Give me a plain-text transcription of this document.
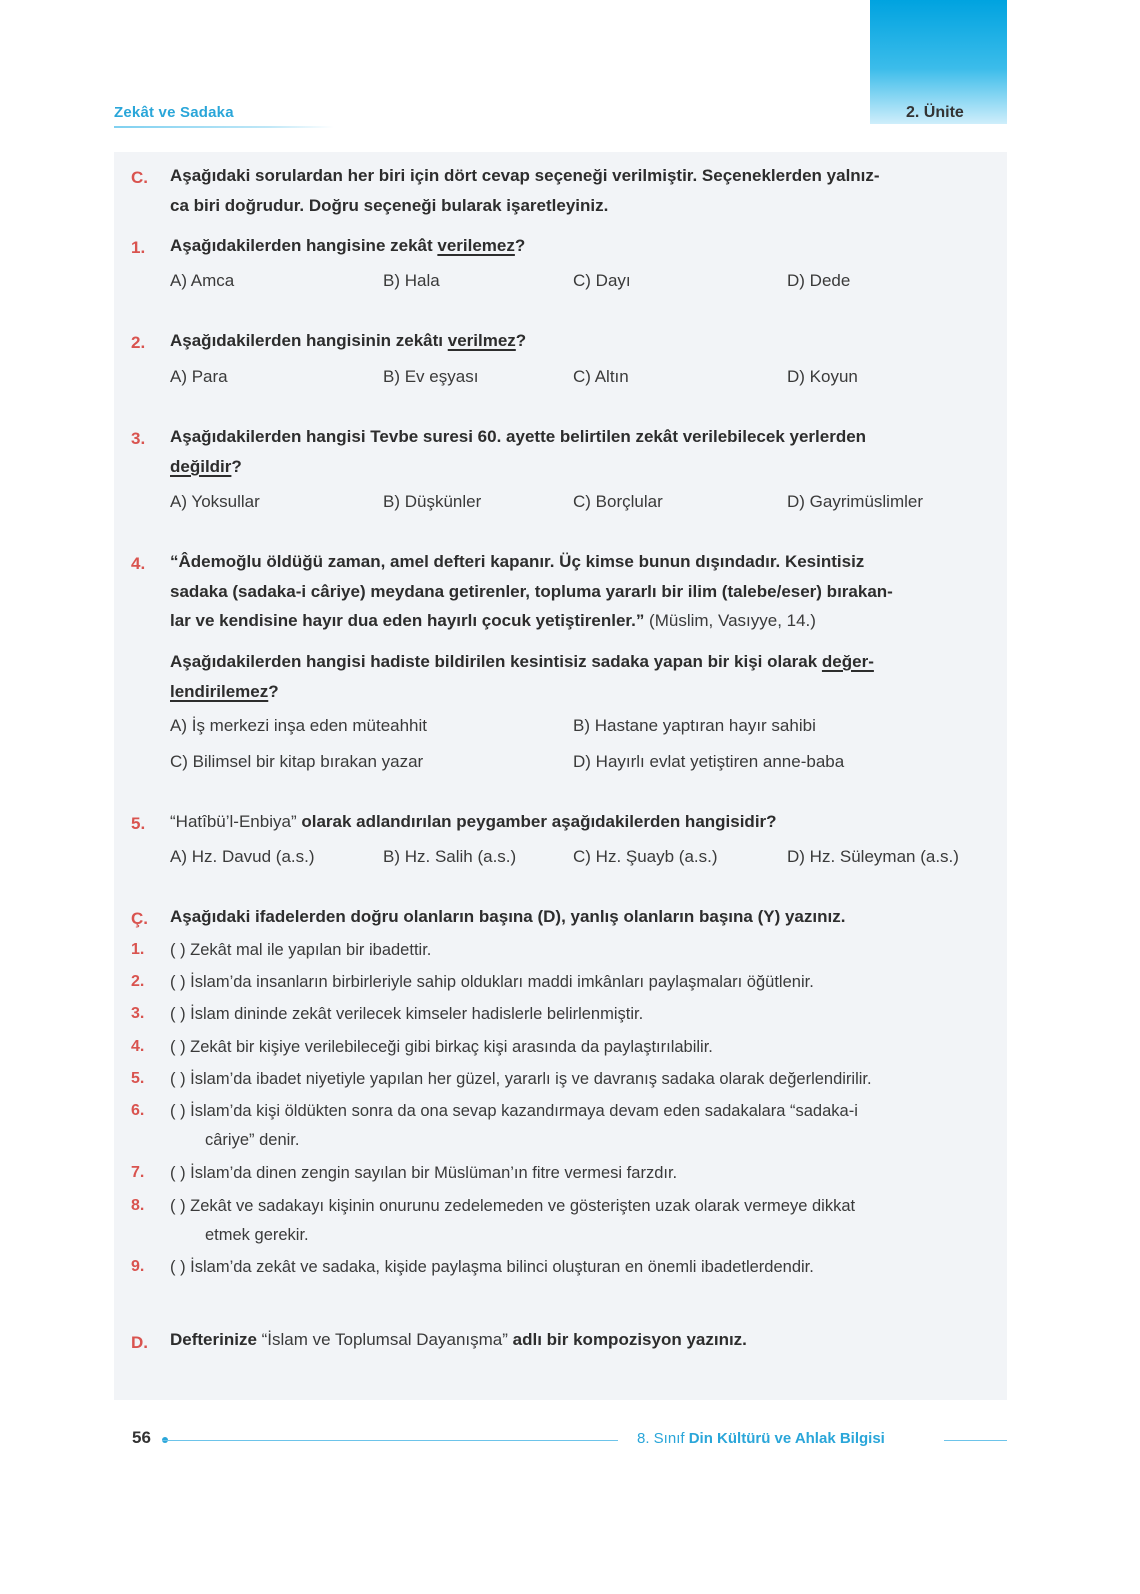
Zekât ve Sadaka	2. Ünite
C. Aşağıdaki sorulardan her biri için dört cevap seçeneği verilmiştir. Seçeneklerden yalnız-
ca biri doğrudur. Doğru seçeneği bularak işaretleyiniz.
1. Aşağıdakilerden hangisine zekât verilemez?
A) Amca	B) Hala	C) Dayı	D) Dede
2. Aşağıdakilerden hangisinin zekâtı verilmez?
A) Para	B) Ev eşyası	C) Altın	D) Koyun
3. Aşağıdakilerden hangisi Tevbe suresi 60. ayette belirtilen zekât verilebilecek yerlerden
değildir?
A) Yoksullar	B) Düşkünler	C) Borçlular	D) Gayrimüslimler
4. “Âdemoğlu öldüğü zaman, amel defteri kapanır. Üç kimse bunun dışındadır. Kesintisiz
sadaka (sadaka-i câriye) meydana getirenler, topluma yararlı bir ilim (talebe/eser) bırakan-
lar ve kendisine hayır dua eden hayırlı çocuk yetiştirenler.” (Müslim, Vasıyye, 14.)
Aşağıdakilerden hangisi hadiste bildirilen kesintisiz sadaka yapan bir kişi olarak değer-
lendirilemez?
A) İş merkezi inşa eden müteahhit	B) Hastane yaptıran hayır sahibi
C) Bilimsel bir kitap bırakan yazar	D) Hayırlı evlat yetiştiren anne-baba
5. “Hatîbü’l-Enbiya” olarak adlandırılan peygamber aşağıdakilerden hangisidir?
A) Hz. Davud (a.s.)	B) Hz. Salih (a.s.)	C) Hz. Şuayb (a.s.)	D) Hz. Süleyman (a.s.)
Ç. Aşağıdaki ifadelerden doğru olanların başına (D), yanlış olanların başına (Y) yazınız.
1. ( ) Zekât mal ile yapılan bir ibadettir.
2. ( ) İslam’da insanların birbirleriyle sahip oldukları maddi imkânları paylaşmaları öğütlenir.
3. ( ) İslam dininde zekât verilecek kimseler hadislerle belirlenmiştir.
4. ( ) Zekât bir kişiye verilebileceği gibi birkaç kişi arasında da paylaştırılabilir.
5. ( ) İslam’da ibadet niyetiyle yapılan her güzel, yararlı iş ve davranış sadaka olarak değerlendirilir.
6. ( ) İslam’da kişi öldükten sonra da ona sevap kazandırmaya devam eden sadakalara “sadaka-i
câriye” denir.
7. ( ) İslam’da dinen zengin sayılan bir Müslüman’ın fitre vermesi farzdır.
8. ( ) Zekât ve sadakayı kişinin onurunu zedelemeden ve gösterişten uzak olarak vermeye dikkat
etmek gerekir.
9. ( ) İslam’da zekât ve sadaka, kişide paylaşma bilinci oluşturan en önemli ibadetlerdendir.
D. Defterinize “İslam ve Toplumsal Dayanışma” adlı bir kompozisyon yazınız.
56	8. Sınıf Din Kültürü ve Ahlak Bilgisi
